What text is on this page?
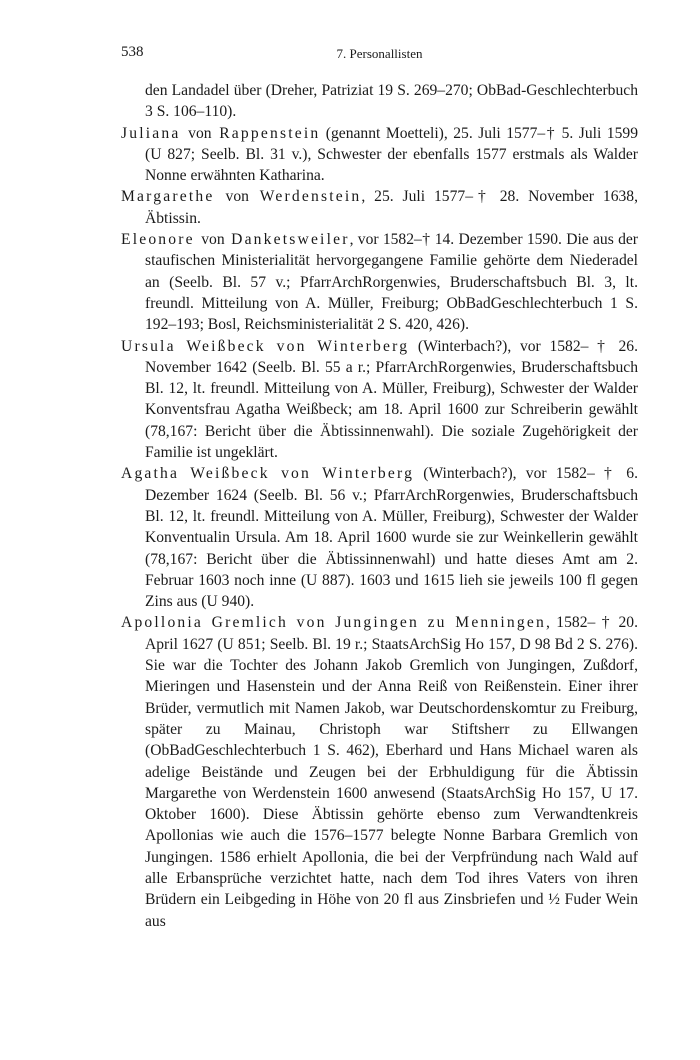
538	7. Personallisten

den Landadel über (Dreher, Patriziat 19 S. 269–270; ObBad-Geschlechterbuch 3 S. 106–110).

Juliana von Rappenstein (genannt Moetteli), 25. Juli 1577–† 5. Juli 1599 (U 827; Seelb. Bl. 31 v.), Schwester der ebenfalls 1577 erstmals als Walder Nonne erwähnten Katharina.

Margarethe von Werdenstein, 25. Juli 1577–† 28. November 1638, Äbtissin.

Eleonore von Danketsweiler, vor 1582–† 14. Dezember 1590. Die aus der staufischen Ministerialität hervorgegangene Familie gehörte dem Niederadel an (Seelb. Bl. 57 v.; PfarrArchRorgenwies, Bruderschaftsbuch Bl. 3, lt. freundl. Mitteilung von A. Müller, Freiburg; ObBadGeschlechterbuch 1 S. 192–193; Bosl, Reichsministerialität 2 S. 420, 426).

Ursula Weißbeck von Winterberg (Winterbach?), vor 1582– † 26. November 1642 (Seelb. Bl. 55 a r.; PfarrArchRorgenwies, Bruderschaftsbuch Bl. 12, lt. freundl. Mitteilung von A. Müller, Freiburg), Schwester der Walder Konventsfrau Agatha Weißbeck; am 18. April 1600 zur Schreiberin gewählt (78,167: Bericht über die Äbtissinnenwahl). Die soziale Zugehörigkeit der Familie ist ungeklärt.

Agatha Weißbeck von Winterberg (Winterbach?), vor 1582– † 6. Dezember 1624 (Seelb. Bl. 56 v.; PfarrArchRorgenwies, Bruderschaftsbuch Bl. 12, lt. freundl. Mitteilung von A. Müller, Freiburg), Schwester der Walder Konventualin Ursula. Am 18. April 1600 wurde sie zur Weinkellerin gewählt (78,167: Bericht über die Äbtissinnenwahl) und hatte dieses Amt am 2. Februar 1603 noch inne (U 887). 1603 und 1615 lieh sie jeweils 100 fl gegen Zins aus (U 940).

Apollonia Gremlich von Jungingen zu Menningen, 1582– † 20. April 1627 (U 851; Seelb. Bl. 19 r.; StaatsArchSig Ho 157, D 98 Bd 2 S. 276). Sie war die Tochter des Johann Jakob Gremlich von Jungingen, Zußdorf, Mieringen und Hasenstein und der Anna Reiß von Reißenstein. Einer ihrer Brüder, vermutlich mit Namen Jakob, war Deutschordenskomtur zu Freiburg, später zu Mainau, Christoph war Stiftsherr zu Ellwangen (ObBadGeschlechterbuch 1 S. 462), Eberhard und Hans Michael waren als adelige Beistände und Zeugen bei der Erbhuldigung für die Äbtissin Margarethe von Werdenstein 1600 anwesend (StaatsArchSig Ho 157, U 17. Oktober 1600). Diese Äbtissin gehörte ebenso zum Verwandtenkreis Apollonias wie auch die 1576–1577 belegte Nonne Barbara Gremlich von Jungingen. 1586 erhielt Apollonia, die bei der Verpfründung nach Wald auf alle Erbansprüche verzichtet hatte, nach dem Tod ihres Vaters von ihren Brüdern ein Leibgeding in Höhe von 20 fl aus Zinsbriefen und ½ Fuder Wein aus
